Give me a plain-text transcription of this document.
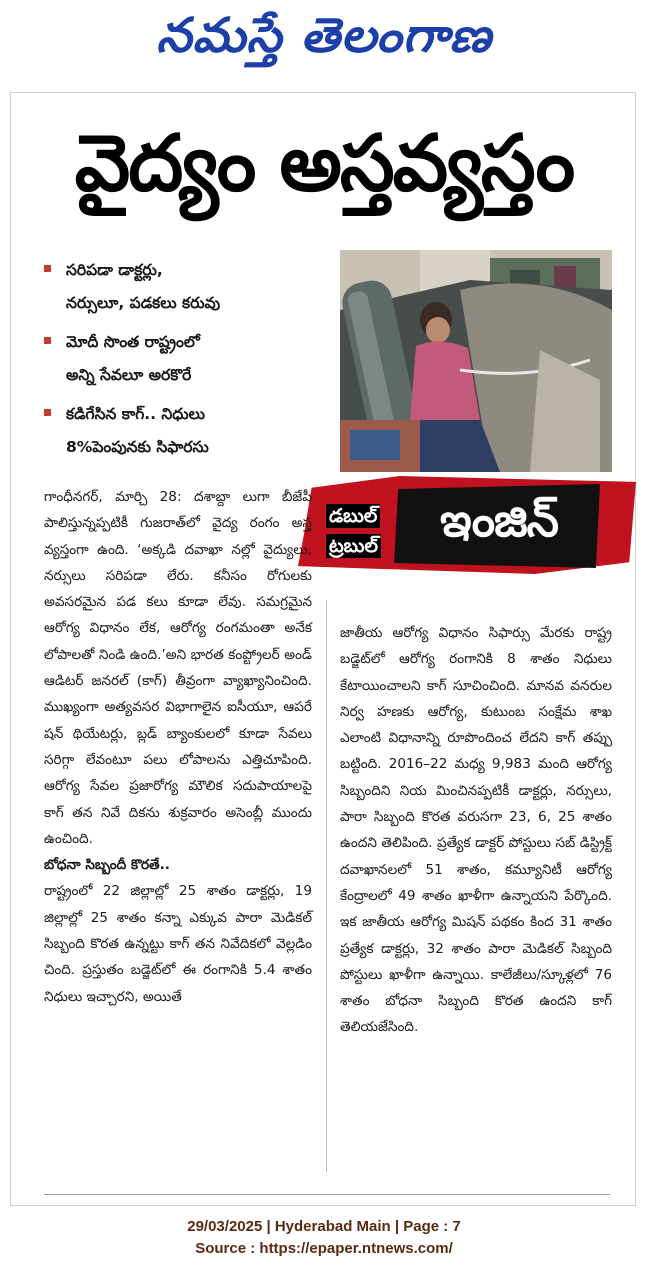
నమస్తే తెలంగాణ
వైద్యం అస్తవ్యస్తం
సరిపడా డాక్టర్లు,
నర్సులూ, పడకలు కరువు
మోదీ సొంత రాష్ట్రంలో
అన్ని సేవలూ అరకొరే
కడిగేసిన కాగ్.. నిధులు
8%పెంపునకు సిఫారసు
డబుల్
ట్రబుల్	ఇంజిన్

గాంధీనగర్, మార్చి 28: దశాబ్దా లుగా బీజేపీ పాలిస్తున్నప్పటికీ గుజరాత్‌లో వైద్య రంగం అస్త వ్యస్తంగా ఉంది. ‘అక్కడి దవాఖా నల్లో వైద్యులు, నర్సులు సరిపడా లేరు. కనీసం రోగులకు అవసరమైన పడ కలు కూడా లేవు. సమగ్రమైన ఆరోగ్య విధానం లేక, ఆరోగ్య రంగమంతా అనేక లోపాలతో నిండి ఉంది.’అని భారత కంప్ట్రోలర్ అండ్ ఆడిటర్ జనరల్ (కాగ్) తీవ్రంగా వ్యాఖ్యానించింది. ముఖ్యంగా అత్యవసర విభాగాలైన ఐసీయూ, ఆపరే షన్ థియేటర్లు, బ్లడ్ బ్యాంకులలో కూడా సేవలు సరిగ్గా లేవంటూ పలు లోపాలను ఎత్తిచూపింది. ఆరోగ్య సేవల ప్రజారోగ్య మౌలిక సదుపాయాలపై కాగ్ తన నివే దికను శుక్రవారం అసెంబ్లీ ముందు ఉంచింది.

బోధనా సిబ్బందీ కొరతే..

రాష్ట్రంలో 22 జిల్లాల్లో 25 శాతం డాక్టర్లు, 19 జిల్లాల్లో 25 శాతం కన్నా ఎక్కువ పారా మెడికల్ సిబ్బంది కొరత ఉన్నట్టు కాగ్ తన నివేదికలో వెల్లడిం చింది. ప్రస్తుతం బడ్జెట్‌లో ఈ రంగానికి 5.4 శాతం నిధులు ఇచ్చారని, అయితే

జాతీయ ఆరోగ్య విధానం సిఫార్సు మేరకు రాష్ట్ర బడ్జెట్‌లో ఆరోగ్య రంగానికి 8 శాతం నిధులు కేటాయించాలని కాగ్ సూచించింది. మానవ వనరుల నిర్వ హణకు ఆరోగ్య, కుటుంబ సంక్షేమ శాఖ ఎలాంటి విధానాన్ని రూపొందించ లేదని కాగ్ తప్పు బట్టింది. 2016–22 మధ్య 9,983 మంది ఆరోగ్య సిబ్బందిని నియ మించినప్పటికీ డాక్టర్లు, నర్సులు, పారా సిబ్బంది కొరత వరుసగా 23, 6, 25 శాతం ఉందని తెలిపింది. ప్రత్యేక డాక్టర్ పోస్టులు సబ్ డిస్ట్రిక్ట్ దవాఖానలలో 51 శాతం, కమ్యూనిటీ ఆరోగ్య కేంద్రాలలో 49 శాతం ఖాళీగా ఉన్నాయని పేర్కొంది. ఇక జాతీయ ఆరోగ్య మిషన్ పథకం కింద 31 శాతం ప్రత్యేక డాక్టర్లు, 32 శాతం పారా మెడికల్ సిబ్బంది పోస్టులు ఖాళీగా ఉన్నాయి. కాలేజీలు/స్కూళ్లలో 76 శాతం బోధనా సిబ్బంది కొరత ఉందని కాగ్ తెలియజేసింది.

29/03/2025 | Hyderabad Main | Page : 7
Source : https://epaper.ntnews.com/
